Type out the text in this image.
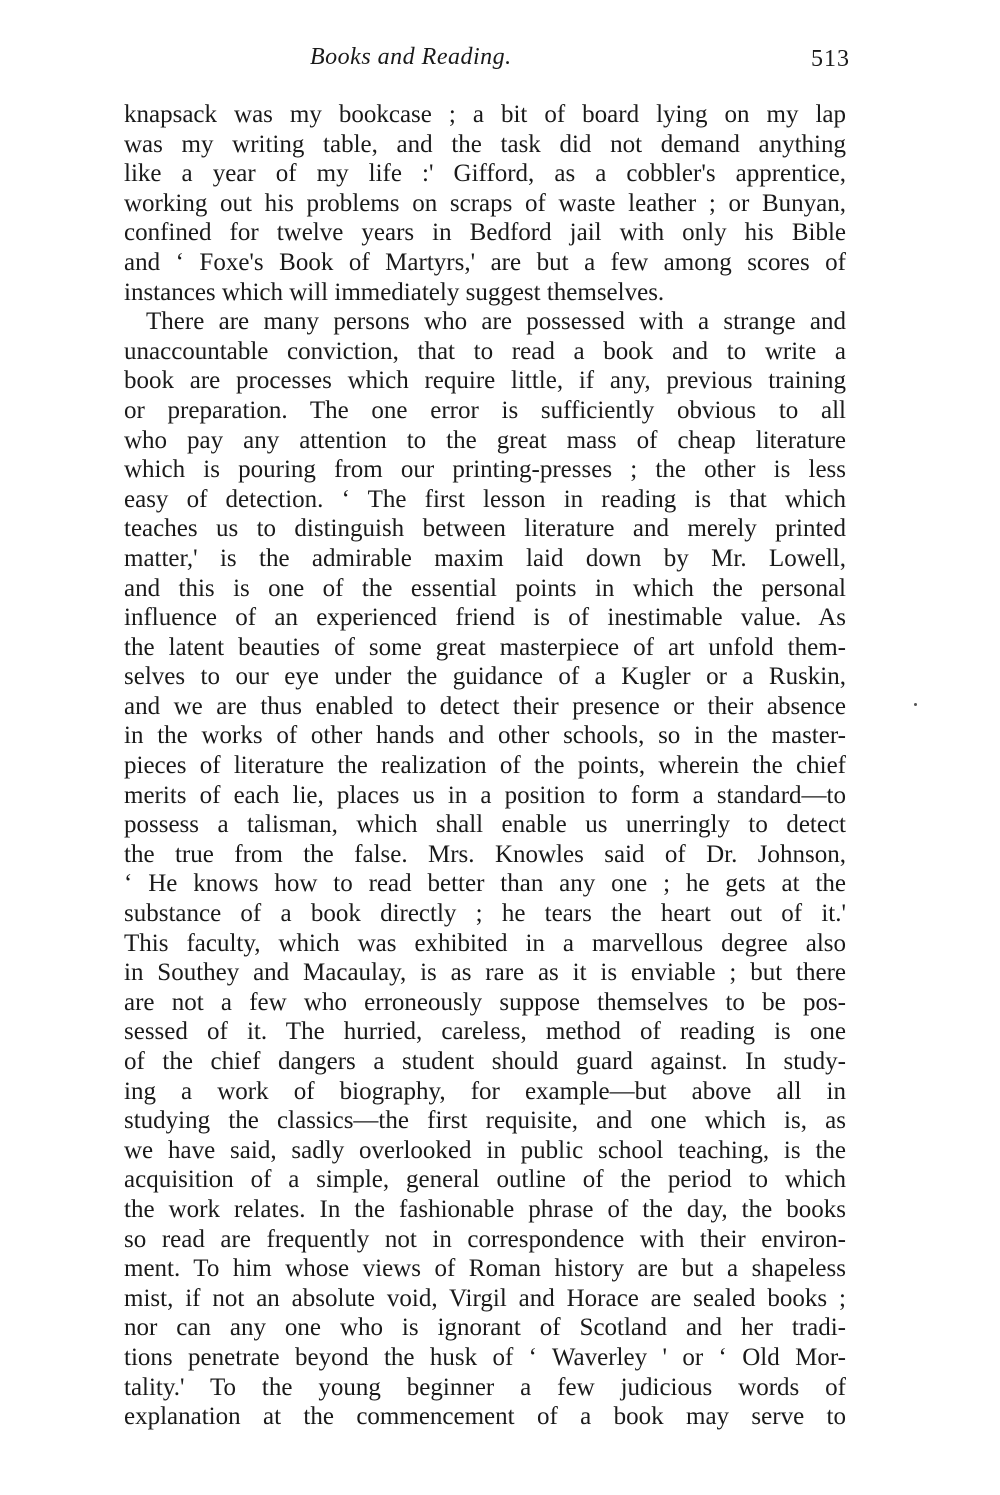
Books and Reading.	513
knapsack was my bookcase ; a bit of board lying on my lap
was my writing table, and the task did not demand anything
like a year of my life :' Gifford, as a cobbler's apprentice,
working out his problems on scraps of waste leather ; or Bunyan,
confined for twelve years in Bedford jail with only his Bible
and ‘ Foxe's Book of Martyrs,' are but a few among scores of
instances which will immediately suggest themselves.
There are many persons who are possessed with a strange and
unaccountable conviction, that to read a book and to write a
book are processes which require little, if any, previous training
or preparation. The one error is sufficiently obvious to all
who pay any attention to the great mass of cheap literature
which is pouring from our printing-presses ; the other is less
easy of detection. ‘ The first lesson in reading is that which
teaches us to distinguish between literature and merely printed
matter,' is the admirable maxim laid down by Mr. Lowell,
and this is one of the essential points in which the personal
influence of an experienced friend is of inestimable value. As
the latent beauties of some great masterpiece of art unfold them-
selves to our eye under the guidance of a Kugler or a Ruskin,
and we are thus enabled to detect their presence or their absence
in the works of other hands and other schools, so in the master-
pieces of literature the realization of the points, wherein the chief
merits of each lie, places us in a position to form a standard—to
possess a talisman, which shall enable us unerringly to detect
the true from the false. Mrs. Knowles said of Dr. Johnson,
‘ He knows how to read better than any one ; he gets at the
substance of a book directly ; he tears the heart out of it.'
This faculty, which was exhibited in a marvellous degree also
in Southey and Macaulay, is as rare as it is enviable ; but there
are not a few who erroneously suppose themselves to be pos-
sessed of it. The hurried, careless, method of reading is one
of the chief dangers a student should guard against. In study-
ing a work of biography, for example—but above all in
studying the classics—the first requisite, and one which is, as
we have said, sadly overlooked in public school teaching, is the
acquisition of a simple, general outline of the period to which
the work relates. In the fashionable phrase of the day, the books
so read are frequently not in correspondence with their environ-
ment. To him whose views of Roman history are but a shapeless
mist, if not an absolute void, Virgil and Horace are sealed books ;
nor can any one who is ignorant of Scotland and her tradi-
tions penetrate beyond the husk of ‘ Waverley ' or ‘ Old Mor-
tality.' To the young beginner a few judicious words of
explanation at the commencement of a book may serve to
